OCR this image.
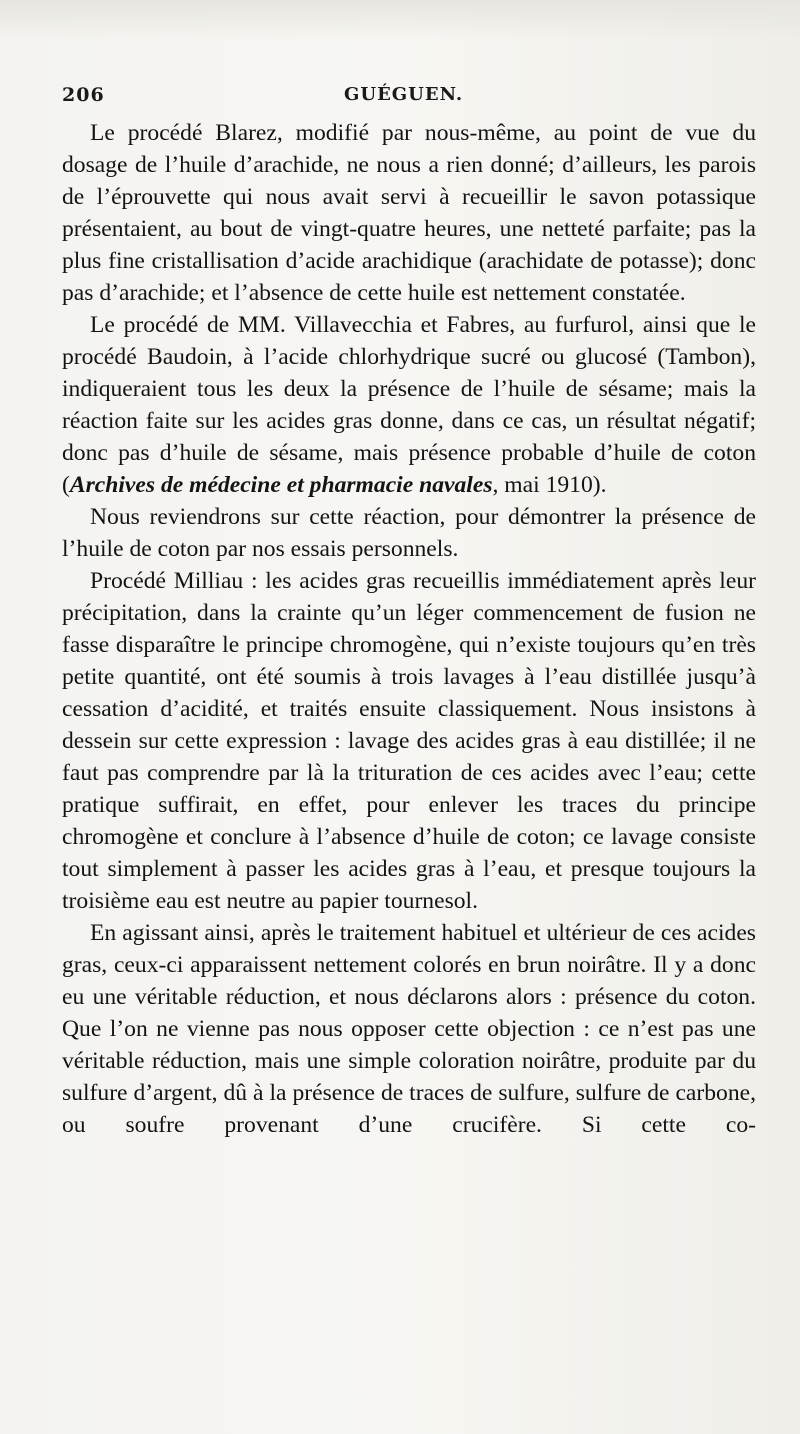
206	GUÉGUEN.

Le procédé Blarez, modifié par nous-même, au point de vue du dosage de l’huile d’arachide, ne nous a rien donné; d’ailleurs, les parois de l’éprouvette qui nous avait servi à recueillir le savon potassique présentaient, au bout de vingt-quatre heures, une netteté parfaite; pas la plus fine cristallisation d’acide arachidique (arachidate de potasse); donc pas d’arachide; et l’absence de cette huile est nettement constatée.

Le procédé de MM. Villavecchia et Fabres, au furfurol, ainsi que le procédé Baudoin, à l’acide chlorhydrique sucré ou glucosé (Tambon), indiqueraient tous les deux la présence de l’huile de sésame; mais la réaction faite sur les acides gras donne, dans ce cas, un résultat négatif; donc pas d’huile de sésame, mais présence probable d’huile de coton (Archives de médecine et pharmacie navales, mai 1910).

Nous reviendrons sur cette réaction, pour démontrer la présence de l’huile de coton par nos essais personnels.

Procédé Milliau : les acides gras recueillis immédiatement après leur précipitation, dans la crainte qu’un léger commencement de fusion ne fasse disparaître le principe chromogène, qui n’existe toujours qu’en très petite quantité, ont été soumis à trois lavages à l’eau distillée jusqu’à cessation d’acidité, et traités ensuite classiquement. Nous insistons à dessein sur cette expression : lavage des acides gras à eau distillée; il ne faut pas comprendre par là la trituration de ces acides avec l’eau; cette pratique suffirait, en effet, pour enlever les traces du principe chromogène et conclure à l’absence d’huile de coton; ce lavage consiste tout simplement à passer les acides gras à l’eau, et presque toujours la troisième eau est neutre au papier tournesol.

En agissant ainsi, après le traitement habituel et ultérieur de ces acides gras, ceux-ci apparaissent nettement colorés en brun noirâtre. Il y a donc eu une véritable réduction, et nous déclarons alors : présence du coton. Que l’on ne vienne pas nous opposer cette objection : ce n’est pas une véritable réduction, mais une simple coloration noirâtre, produite par du sulfure d’argent, dû à la présence de traces de sulfure, sulfure de carbone, ou soufre provenant d’une crucifère. Si cette co-
